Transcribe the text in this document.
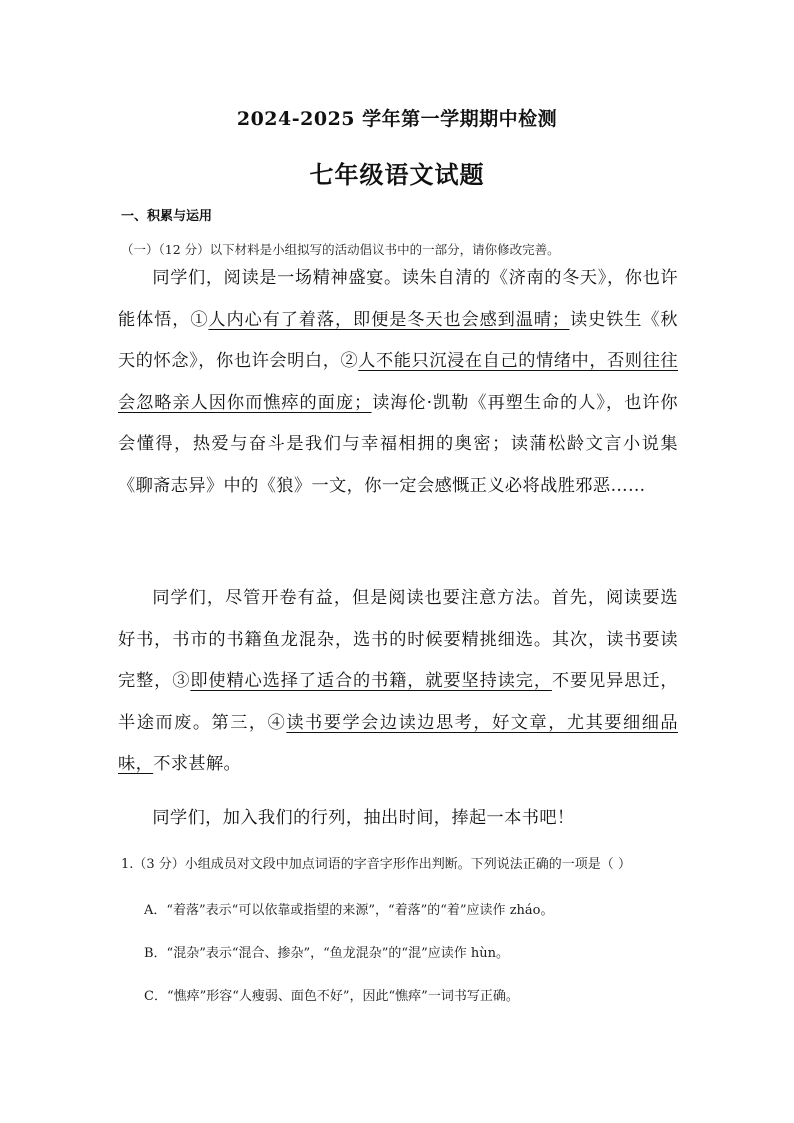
2024-2025 学年第一学期期中检测
七年级语文试题
一、积累与运用
（一）（12 分）以下材料是小组拟写的活动倡议书中的一部分，请你修改完善。

同学们，阅读是一场精神盛宴。读朱自清的《济南的冬天》，你也许能体悟，①人内心有了着落，即便是冬天也会感到温晴；读史铁生《秋天的怀念》，你也许会明白，②人不能只沉浸在自己的情绪中，否则往往会忽略亲人因你而憔瘁的面庞；读海伦·凯勒《再塑生命的人》，也许你会懂得，热爱与奋斗是我们与幸福相拥的奥密；读蒲松龄文言小说集《聊斋志异》中的《狼》一文，你一定会感慨正义必将战胜邪恶……

同学们，尽管开卷有益，但是阅读也要注意方法。首先，阅读要选好书，书市的书籍鱼龙混杂，选书的时候要精挑细选。其次，读书要读完整，③即使精心选择了适合的书籍，就要坚持读完，不要见异思迁，半途而废。第三，④读书要学会边读边思考，好文章，尤其要细细品味，不求甚解。

同学们，加入我们的行列，抽出时间，捧起一本书吧！

1.（3 分）小组成员对文段中加点词语的字音字形作出判断。下列说法正确的一项是（ ）
A．“着落”表示“可以依靠或指望的来源”，“着落”的“着”应读作 zháo。
B．“混杂”表示“混合、掺杂”，“鱼龙混杂”的“混”应读作 hùn。
C．“憔瘁”形容“人瘦弱、面色不好”，因此“憔瘁”一词书写正确。
